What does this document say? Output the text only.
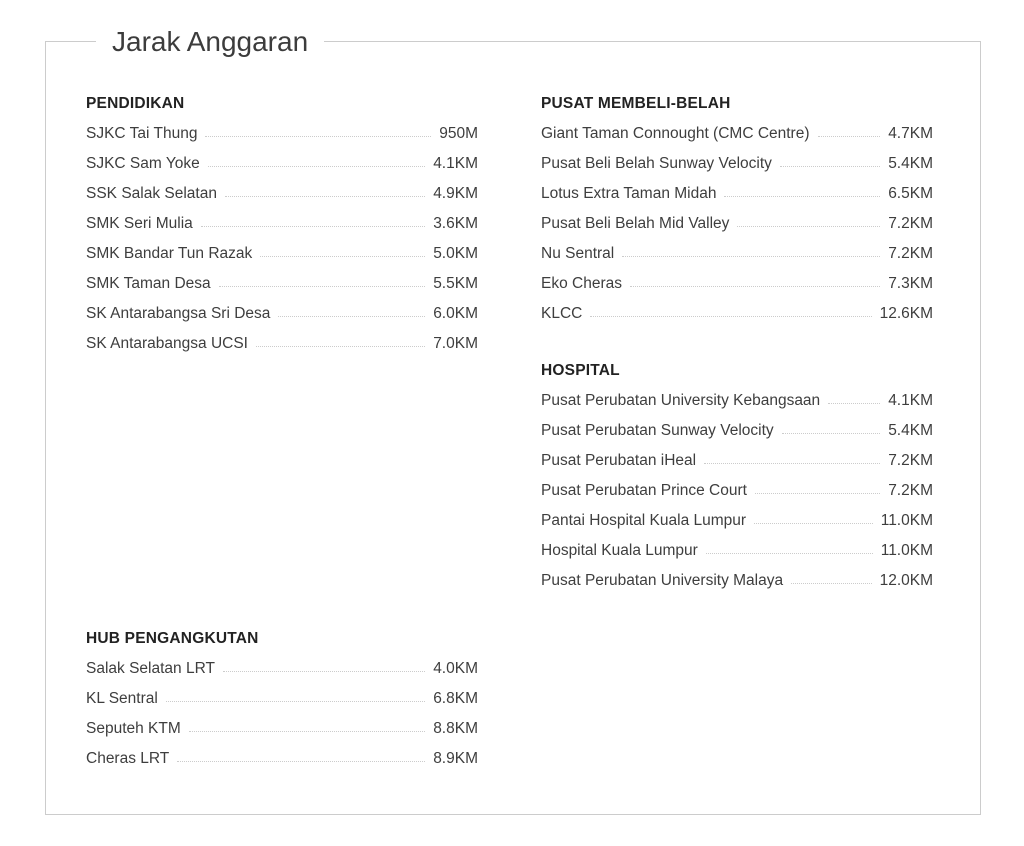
Jarak Anggaran
PENDIDIKAN
SJKC Tai Thung	950M
SJKC Sam Yoke	4.1KM
SSK Salak Selatan	4.9KM
SMK Seri Mulia	3.6KM
SMK Bandar Tun Razak	5.0KM
SMK Taman Desa	5.5KM
SK Antarabangsa Sri Desa	6.0KM
SK Antarabangsa UCSI	7.0KM
HUB PENGANGKUTAN
Salak Selatan LRT	4.0KM
KL Sentral	6.8KM
Seputeh KTM	8.8KM
Cheras LRT	8.9KM
PUSAT MEMBELI-BELAH
Giant Taman Connought (CMC Centre)	4.7KM
Pusat Beli Belah Sunway Velocity	5.4KM
Lotus Extra Taman Midah	6.5KM
Pusat Beli Belah Mid Valley	7.2KM
Nu Sentral	7.2KM
Eko Cheras	7.3KM
KLCC	12.6KM
HOSPITAL
Pusat Perubatan University Kebangsaan	4.1KM
Pusat Perubatan Sunway Velocity	5.4KM
Pusat Perubatan iHeal	7.2KM
Pusat Perubatan Prince Court	7.2KM
Pantai Hospital Kuala Lumpur	11.0KM
Hospital Kuala Lumpur	11.0KM
Pusat Perubatan University Malaya	12.0KM
